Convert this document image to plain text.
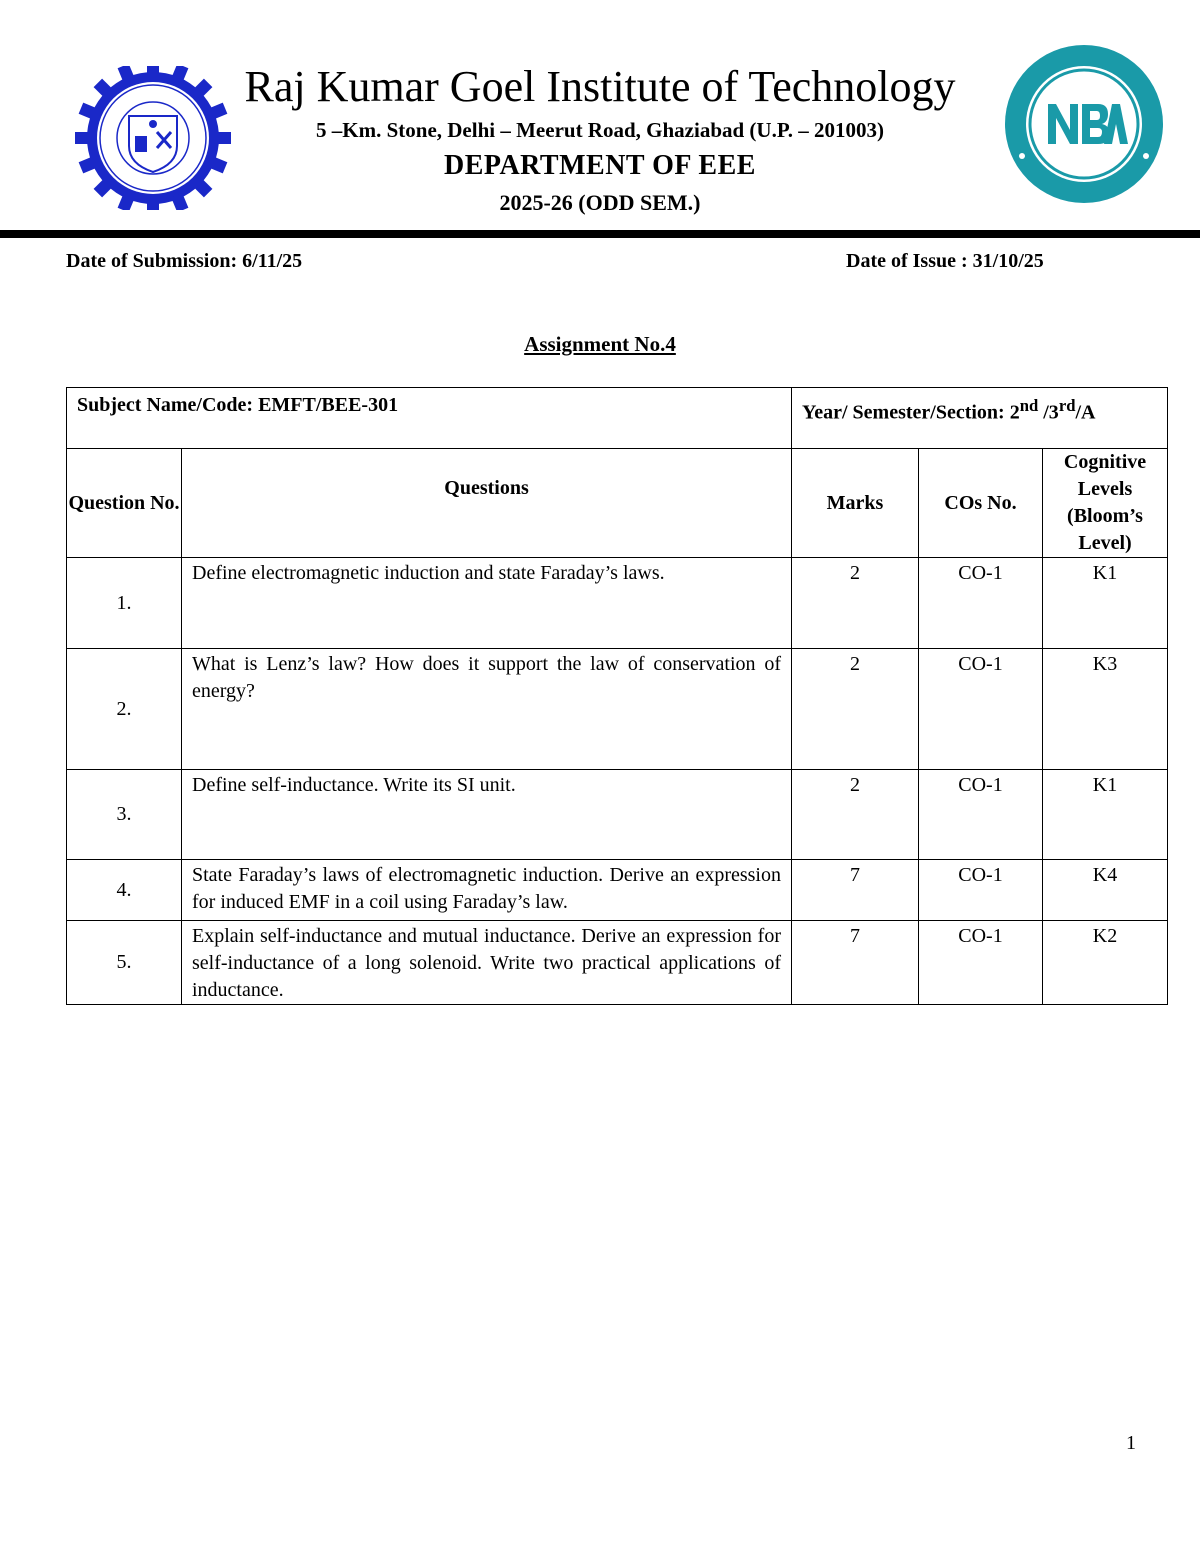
Raj Kumar Goel Institute of Technology
5 –Km. Stone, Delhi – Meerut Road, Ghaziabad (U.P. – 201003)
DEPARTMENT OF EEE
2025-26 (ODD SEM.)
Date of Submission: 6/11/25	Date of Issue : 31/10/25
Assignment No.4
Subject Name/Code: EMFT/BEE-301		Year/ Semester/Section: 2nd /3rd/A		
Question No.	Questions	Marks	COs No.	Cognitive Levels (Bloom’s Level)
1.	Define electromagnetic induction and state Faraday’s laws.	2	CO-1	K1
2.	What is Lenz’s law? How does it support the law of conservation of energy?	2	CO-1	K3
3.	Define self-inductance. Write its SI unit.	2	CO-1	K1
4.	State Faraday’s laws of electromagnetic induction. Derive an expression for induced EMF in a coil using Faraday’s law.	7	CO-1	K4
5.	Explain self-inductance and mutual inductance. Derive an expression for self-inductance of a long solenoid. Write two practical applications of inductance.	7	CO-1	K2
1
